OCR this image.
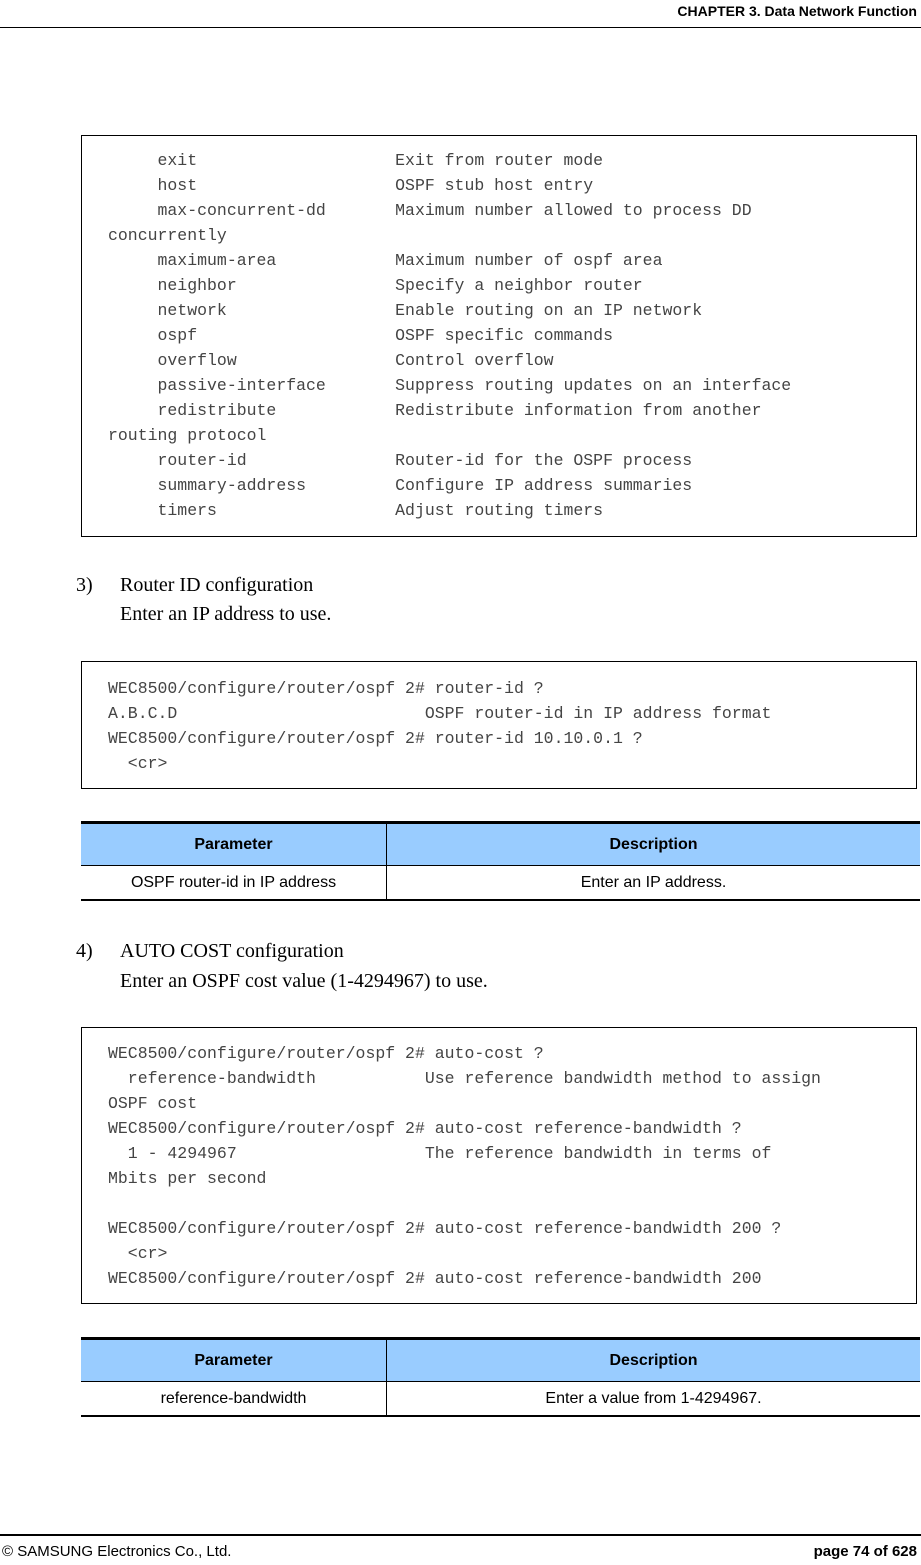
CHAPTER 3. Data Network Function
exit                    Exit from router mode
host                    OSPF stub host entry
max-concurrent-dd       Maximum number allowed to process DD
concurrently
maximum-area            Maximum number of ospf area
neighbor                Specify a neighbor router
network                 Enable routing on an IP network
ospf                    OSPF specific commands
overflow                Control overflow
passive-interface       Suppress routing updates on an interface
redistribute            Redistribute information from another
routing protocol
router-id               Router-id for the OSPF process
summary-address         Configure IP address summaries
timers                  Adjust routing timers
3) Router ID configuration
Enter an IP address to use.
WEC8500/configure/router/ospf 2# router-id ?
A.B.C.D                         OSPF router-id in IP address format
WEC8500/configure/router/ospf 2# router-id 10.10.0.1 ?
<cr>
Parameter	Description
OSPF router-id in IP address	Enter an IP address.
4) AUTO COST configuration
Enter an OSPF cost value (1-4294967) to use.
WEC8500/configure/router/ospf 2# auto-cost ?
reference-bandwidth           Use reference bandwidth method to assign
OSPF cost
WEC8500/configure/router/ospf 2# auto-cost reference-bandwidth ?
1 - 4294967                   The reference bandwidth in terms of
Mbits per second
WEC8500/configure/router/ospf 2# auto-cost reference-bandwidth 200 ?
<cr>
WEC8500/configure/router/ospf 2# auto-cost reference-bandwidth 200
Parameter	Description
reference-bandwidth	Enter a value from 1-4294967.
© SAMSUNG Electronics Co., Ltd.	page 74 of 628
